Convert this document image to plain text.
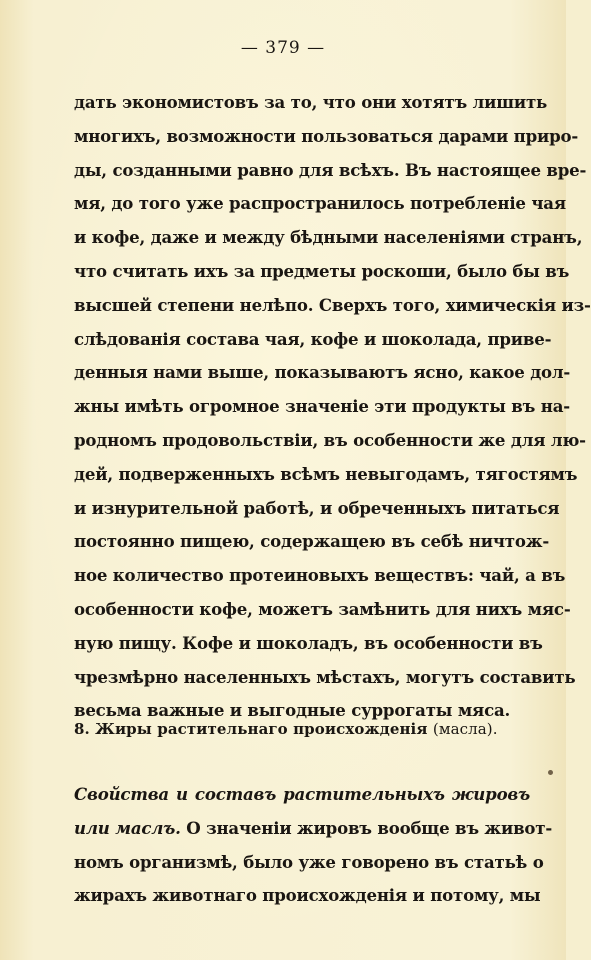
— 379 —
дать экономистовъ за то, что они хотятъ лишить
многихъ, возможности пользоваться дарами приро-
ды, созданными равно для всѣхъ. Въ настоящее вре-
мя, до того уже распространилось потребленіе чая
и кофе, даже и между бѣдными населеніями странъ,
что считать ихъ за предметы роскоши, было бы въ
высшей степени нелѣпо. Сверхъ того, химическія из-
слѣдованія состава чая, кофе и шоколада, приве-
денныя нами выше, показываютъ ясно, какое дол-
жны имѣть огромное значеніе эти продукты въ на-
родномъ продовольствіи, въ особенности же для лю-
дей, подверженныхъ всѣмъ невыгодамъ, тягостямъ
и изнурительной работѣ, и обреченныхъ питаться
постоянно пищею, содержащею въ себѣ ничтож-
ное количество протеиновыхъ веществъ: чай, а въ
особенности кофе, можетъ замѣнить для нихъ мяс-
ную пищу. Кофе и шоколадъ, въ особенности въ
чрезмѣрно населенныхъ мѣстахъ, могутъ составить
весьма важные и выгодные суррогаты мяса.
8. Жиры растительнаго происхожденія (масла).
Свойства и составъ растительныхъ жировъ
или маслъ. О значеніи жировъ вообще въ живот-
номъ организмѣ, было уже говорено въ статьѣ о
жирахъ животнаго происхожденія и потому, мы
